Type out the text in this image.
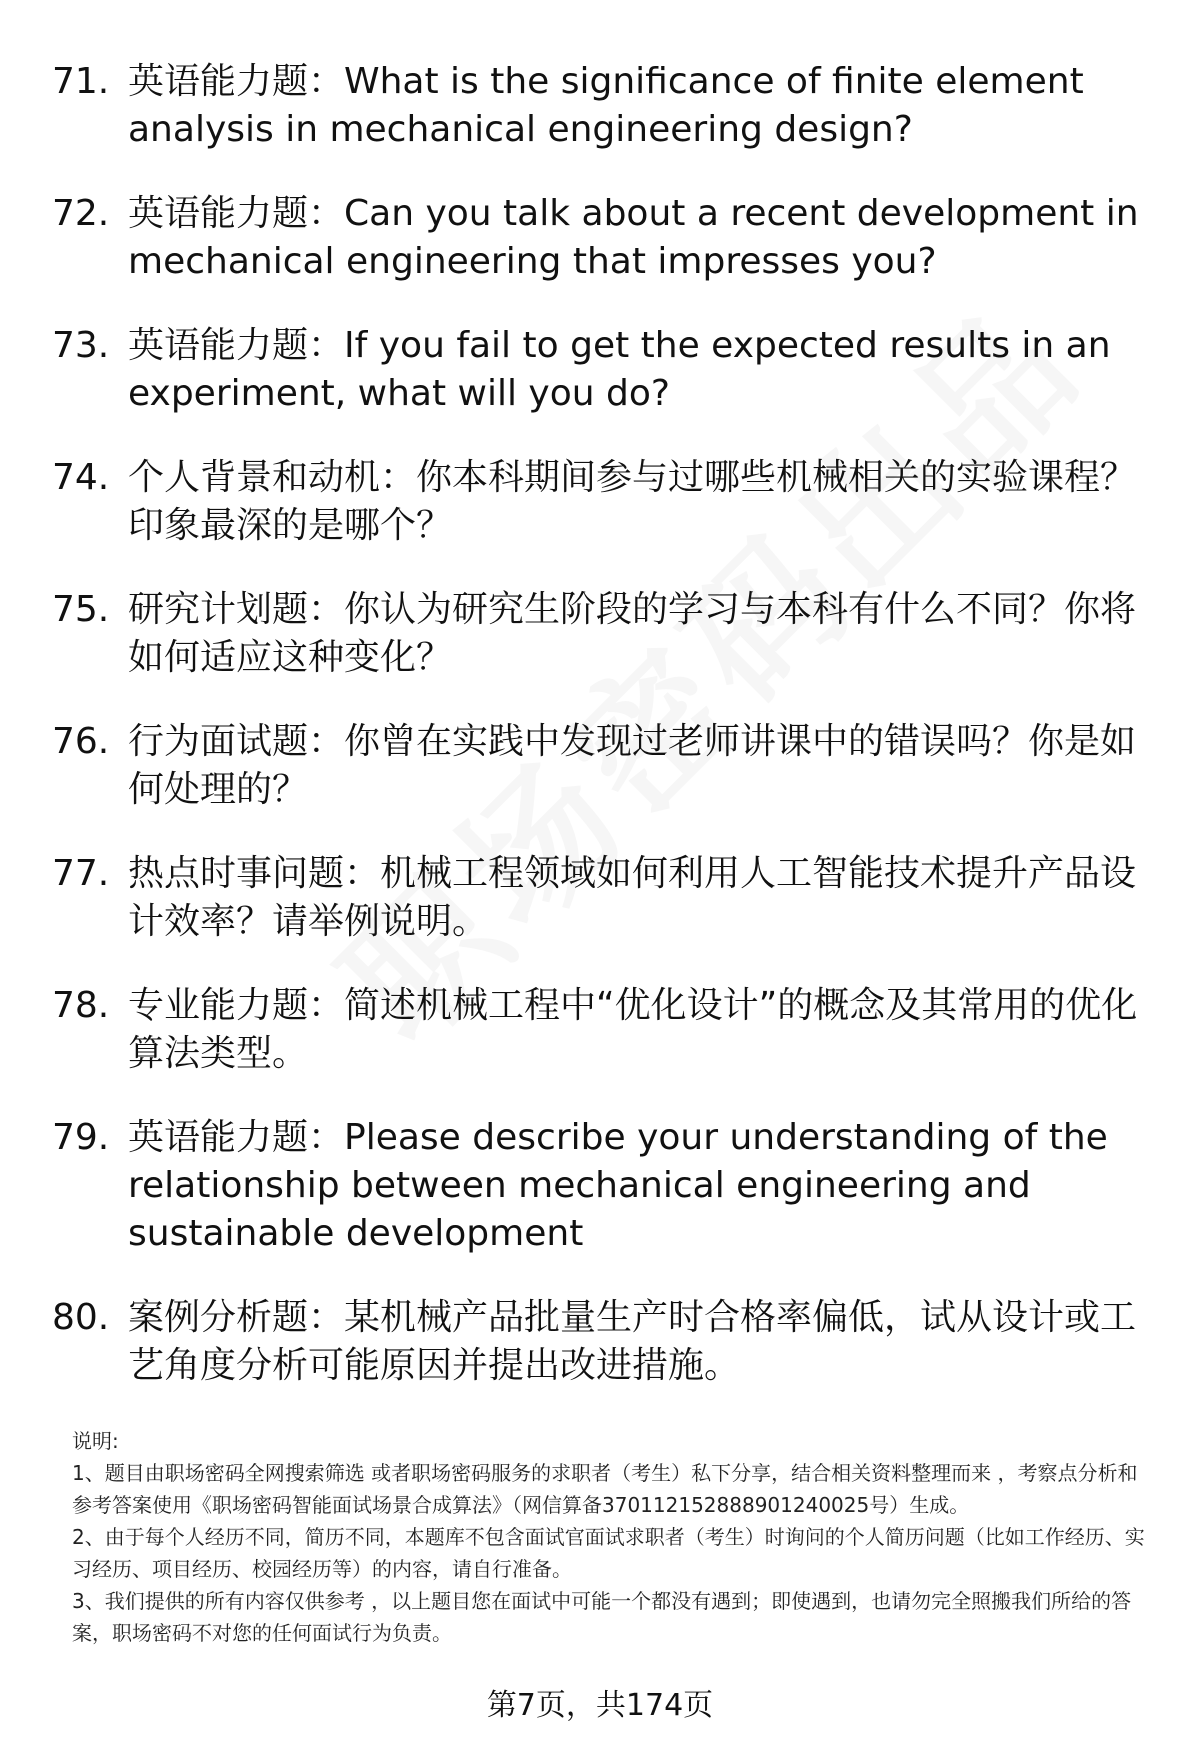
71. 英语能力题：What is the significance of finite element analysis in mechanical engineering design?
72. 英语能力题：Can you talk about a recent development in mechanical engineering that impresses you?
73. 英语能力题：If you fail to get the expected results in an experiment, what will you do?
74. 个人背景和动机：你本科期间参与过哪些机械相关的实验课程？印象最深的是哪个？
75. 研究计划题：你认为研究生阶段的学习与本科有什么不同？你将如何适应这种变化？
76. 行为面试题：你曾在实践中发现过老师讲课中的错误吗？你是如何处理的？
77. 热点时事问题：机械工程领域如何利用人工智能技术提升产品设计效率？请举例说明。
78. 专业能力题：简述机械工程中“优化设计”的概念及其常用的优化算法类型。
79. 英语能力题：Please describe your understanding of the relationship between mechanical engineering and sustainable development
80. 案例分析题：某机械产品批量生产时合格率偏低，试从设计或工艺角度分析可能原因并提出改进措施。

说明:

1、题目由职场密码全网搜索筛选 或者职场密码服务的求职者（考生）私下分享，结合相关资料整理而来 ，考察点分析和参考答案使用《职场密码智能面试场景合成算法》（网信算备370112152888901240025号）生成。

2、由于每个人经历不同，简历不同，本题库不包含面试官面试求职者（考生）时询问的个人简历问题（比如工作经历、实习经历、项目经历、校园经历等）的内容，请自行准备。

3、我们提供的所有内容仅供参考 ，以上题目您在面试中可能一个都没有遇到；即使遇到，也请勿完全照搬我们所给的答案，职场密码不对您的任何面试行为负责。

第7页，共174页
